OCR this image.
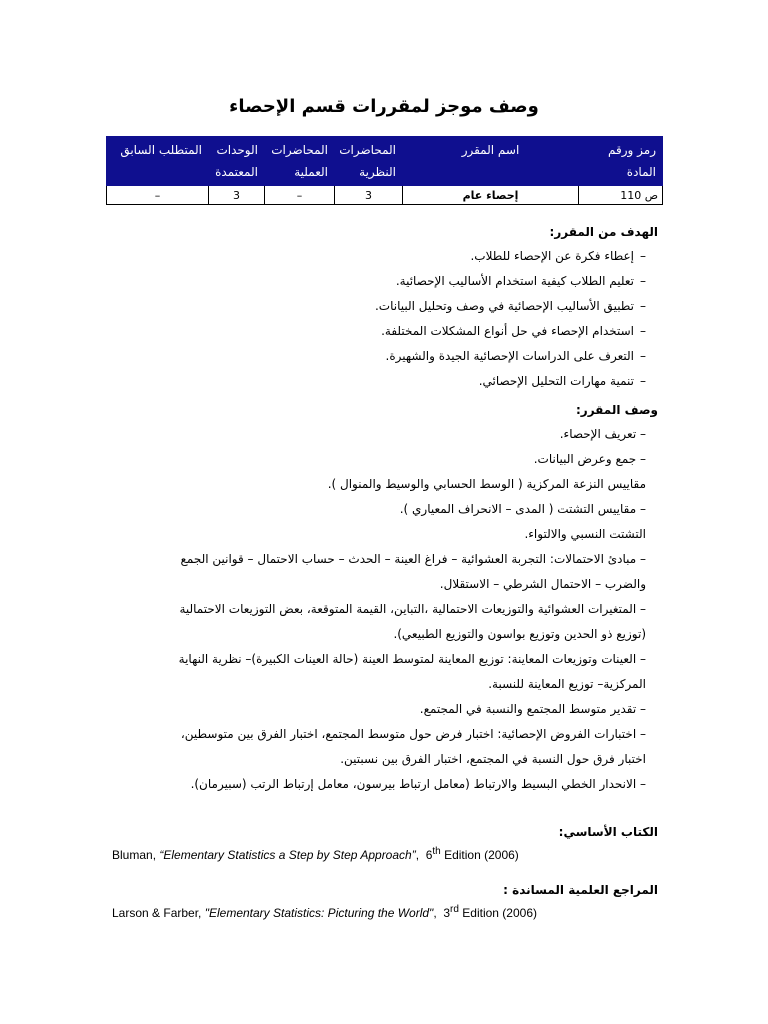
وصف موجز لمقررات قسم الإحصاء
رمز ورقم المادة	اسم المقرر	المحاضرات النظرية	المحاضرات العملية	الوحدات المعتمدة	المتطلب السابق
ص 110	إحصاء عام	3	–	3	–
الهدف من المقرر:
–إعطاء فكرة عن الإحصاء للطلاب.
–تعليم الطلاب كيفية استخدام الأساليب الإحصائية.
–تطبيق الأساليب الإحصائية في وصف وتحليل البيانات.
–استخدام الإحصاء في حل أنواع المشكلات المختلفة.
–التعرف على الدراسات الإحصائية الجيدة والشهيرة.
–تنمية مهارات التحليل الإحصائي.
وصف المقرر:
– تعريف الإحصاء.
– جمع وعرض البيانات.
مقاييس النزعة المركزية ( الوسط الحسابي والوسيط والمنوال ).
– مقاييس التشتت ( المدى – الانحراف المعياري ).
التشتت النسبي والالتواء.
– مبادئ الاحتمالات: التجربة العشوائية – فراغ العينة – الحدث – حساب الاحتمال – قوانين الجمع
والضرب – الاحتمال الشرطي – الاستقلال.
– المتغيرات العشوائية والتوزيعات الاحتمالية ،التباين، القيمة المتوقعة، بعض التوزيعات الاحتمالية
(توزيع ذو الحدين وتوزيع بواسون والتوزيع الطبيعي).
– العينات وتوزيعات المعاينة: توزيع المعاينة لمتوسط العينة (حالة العينات الكبيرة)– نظرية النهاية
المركزية– توزيع المعاينة للنسبة.
– تقدير متوسط المجتمع والنسبة في المجتمع.
– اختبارات الفروض الإحصائية: اختبار فرض حول متوسط المجتمع، اختبار الفرق بين متوسطين،
اختبار فرق حول النسبة في المجتمع، اختبار الفرق بين نسبتين.
– الانحدار الخطي البسيط والارتباط (معامل ارتباط بيرسون، معامل إرتباط الرتب (سبيرمان).
الكتاب الأساسي:
Bluman, “Elementary Statistics a Step by Step Approach”,  6th Edition (2006)
المراجع العلمية المساندة :
Larson & Farber, "Elementary Statistics: Picturing the World",  3rd Edition (2006)
